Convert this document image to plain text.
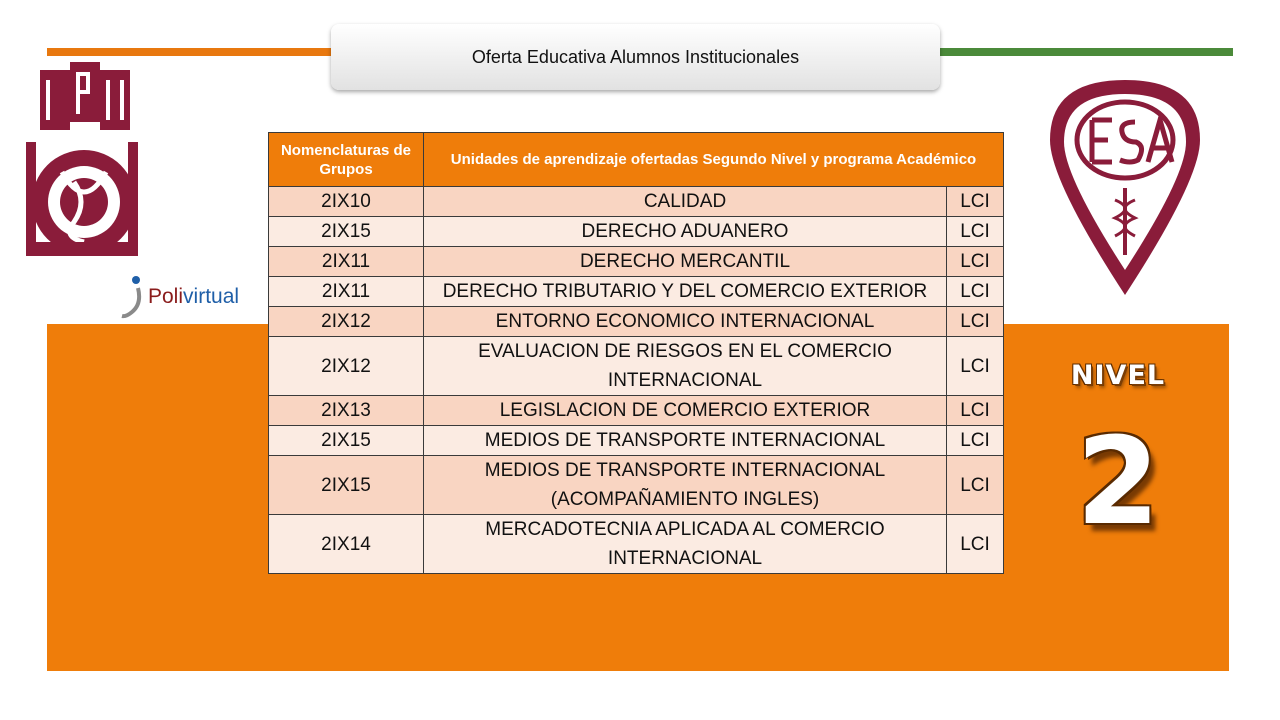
Oferta Educativa Alumnos Institucionales
Polivirtual
NIVEL
2
Nomenclaturas de Grupos	Unidades de aprendizaje ofertadas Segundo Nivel y programa Académico	
2IX10	CALIDAD	LCI
2IX15	DERECHO ADUANERO	LCI
2IX11	DERECHO MERCANTIL	LCI
2IX11	DERECHO TRIBUTARIO Y DEL COMERCIO EXTERIOR	LCI
2IX12	ENTORNO ECONOMICO INTERNACIONAL	LCI
2IX12	EVALUACION DE RIESGOS EN EL COMERCIO INTERNACIONAL	LCI
2IX13	LEGISLACION DE COMERCIO EXTERIOR	LCI
2IX15	MEDIOS DE TRANSPORTE INTERNACIONAL	LCI
2IX15	MEDIOS DE TRANSPORTE INTERNACIONAL (ACOMPAÑAMIENTO INGLES)	LCI
2IX14	MERCADOTECNIA APLICADA AL COMERCIO INTERNACIONAL	LCI
